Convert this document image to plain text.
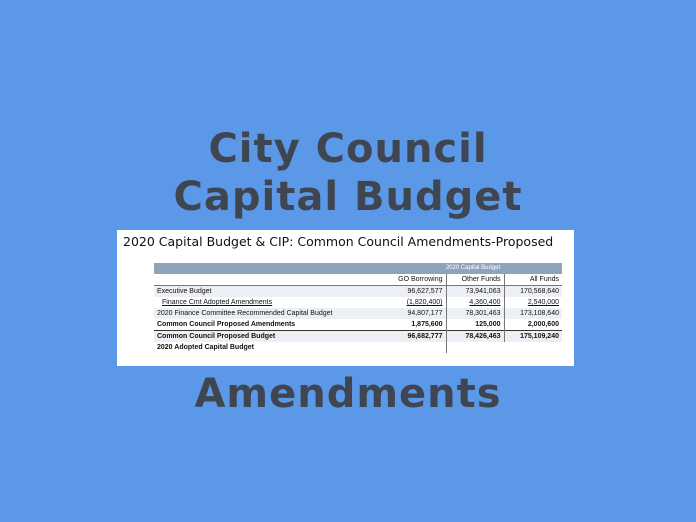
City Council
Capital Budget
2020 Capital Budget & CIP: Common Council Amendments-Proposed
	2020 Capital Budget		
	GO Borrowing	Other Funds	All Funds
Executive Budget	96,627,577	73,941,063	170,568,640
Finance Cmt Adopted Amendments	(1,820,400)	4,360,400	2,540,000
2020 Finance Committee Recommended Capital Budget	94,807,177	78,301,463	173,108,640
Common Council Proposed Amendments	1,875,600	125,000	2,000,600
Common Council Proposed Budget	96,682,777	78,426,463	175,109,240
2020 Adopted Capital Budget			
Amendments
